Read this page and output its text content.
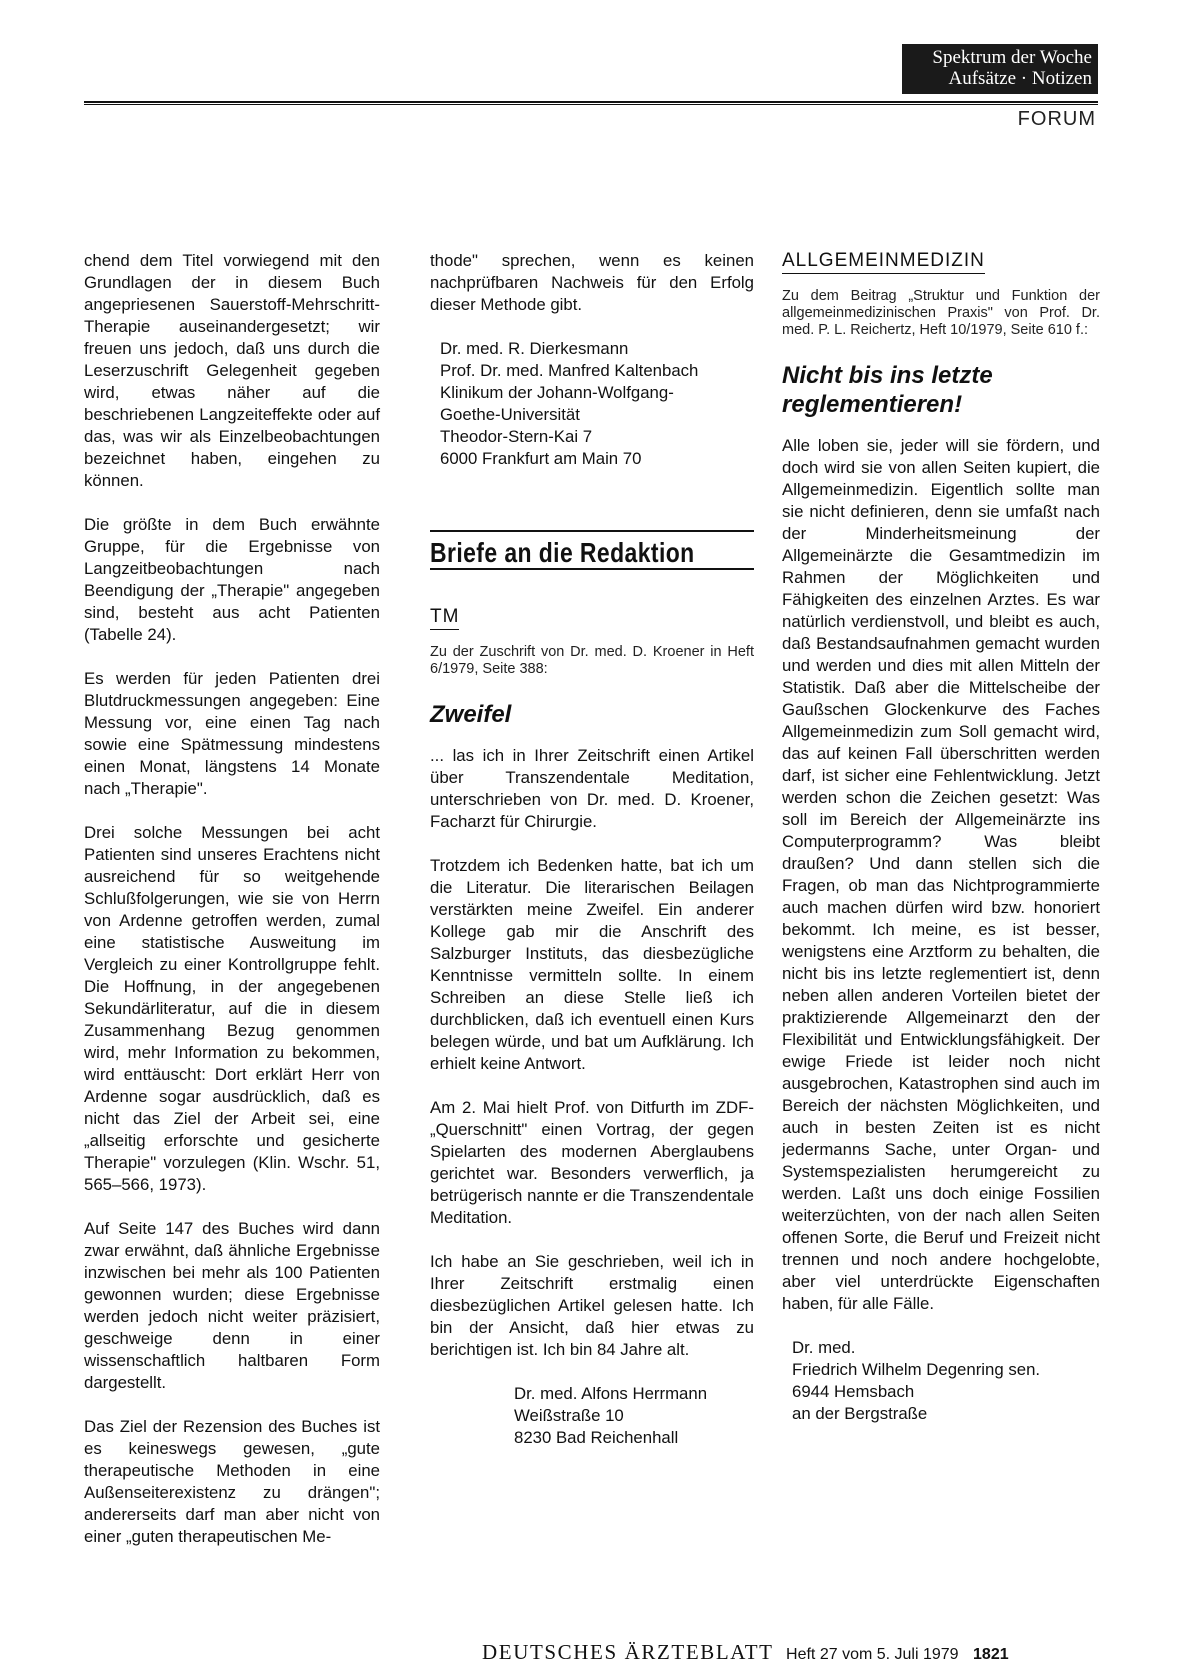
Spektrum der Woche
Aufsätze · Notizen
FORUM

chend dem Titel vorwiegend mit den Grundlagen der in diesem Buch angepriesenen Sauerstoff-Mehrschritt-Therapie auseinandergesetzt; wir freuen uns jedoch, daß uns durch die Leserzuschrift Gelegenheit gegeben wird, etwas näher auf die beschriebenen Langzeiteffekte oder auf das, was wir als Einzelbeobachtungen bezeichnet haben, eingehen zu können.

Die größte in dem Buch erwähnte Gruppe, für die Ergebnisse von Langzeitbeobachtungen nach Beendigung der „Therapie" angegeben sind, besteht aus acht Patienten (Tabelle 24).

Es werden für jeden Patienten drei Blutdruckmessungen angegeben: Eine Messung vor, eine einen Tag nach sowie eine Spätmessung mindestens einen Monat, längstens 14 Monate nach „Therapie".

Drei solche Messungen bei acht Patienten sind unseres Erachtens nicht ausreichend für so weitgehende Schlußfolgerungen, wie sie von Herrn von Ardenne getroffen werden, zumal eine statistische Ausweitung im Vergleich zu einer Kontrollgruppe fehlt. Die Hoffnung, in der angegebenen Sekundärliteratur, auf die in diesem Zusammenhang Bezug genommen wird, mehr Information zu bekommen, wird enttäuscht: Dort erklärt Herr von Ardenne sogar ausdrücklich, daß es nicht das Ziel der Arbeit sei, eine „allseitig erforschte und gesicherte Therapie" vorzulegen (Klin. Wschr. 51, 565–566, 1973).

Auf Seite 147 des Buches wird dann zwar erwähnt, daß ähnliche Ergebnisse inzwischen bei mehr als 100 Patienten gewonnen wurden; diese Ergebnisse werden jedoch nicht weiter präzisiert, geschweige denn in einer wissenschaftlich haltbaren Form dargestellt.

Das Ziel der Rezension des Buches ist es keineswegs gewesen, „gute therapeutische Methoden in eine Außenseiterexistenz zu drängen"; andererseits darf man aber nicht von einer „guten therapeutischen Me-

thode" sprechen, wenn es keinen nachprüfbaren Nachweis für den Erfolg dieser Methode gibt.

Dr. med. R. Dierkesmann
Prof. Dr. med. Manfred Kaltenbach
Klinikum der Johann-Wolfgang-
Goethe-Universität
Theodor-Stern-Kai 7
6000 Frankfurt am Main 70
Briefe an die Redaktion
TM

Zu der Zuschrift von Dr. med. D. Kroener in Heft 6/1979, Seite 388:

Zweifel

... las ich in Ihrer Zeitschrift einen Artikel über Transzendentale Meditation, unterschrieben von Dr. med. D. Kroener, Facharzt für Chirurgie.

Trotzdem ich Bedenken hatte, bat ich um die Literatur. Die literarischen Beilagen verstärkten meine Zweifel. Ein anderer Kollege gab mir die Anschrift des Salzburger Instituts, das diesbezügliche Kenntnisse vermitteln sollte. In einem Schreiben an diese Stelle ließ ich durchblicken, daß ich eventuell einen Kurs belegen würde, und bat um Aufklärung. Ich erhielt keine Antwort.

Am 2. Mai hielt Prof. von Ditfurth im ZDF-„Querschnitt" einen Vortrag, der gegen Spielarten des modernen Aberglaubens gerichtet war. Besonders verwerflich, ja betrügerisch nannte er die Transzendentale Meditation.

Ich habe an Sie geschrieben, weil ich in Ihrer Zeitschrift erstmalig einen diesbezüglichen Artikel gelesen hatte. Ich bin der Ansicht, daß hier etwas zu berichtigen ist. Ich bin 84 Jahre alt.

Dr. med. Alfons Herrmann
Weißstraße 10
8230 Bad Reichenhall
ALLGEMEINMEDIZIN

Zu dem Beitrag „Struktur und Funktion der allgemeinmedizinischen Praxis" von Prof. Dr. med. P. L. Reichertz, Heft 10/1979, Seite 610 f.:

Nicht bis ins letzte reglementieren!

Alle loben sie, jeder will sie fördern, und doch wird sie von allen Seiten kupiert, die Allgemeinmedizin. Eigentlich sollte man sie nicht definieren, denn sie umfaßt nach der Minderheitsmeinung der Allgemeinärzte die Gesamtmedizin im Rahmen der Möglichkeiten und Fähigkeiten des einzelnen Arztes. Es war natürlich verdienstvoll, und bleibt es auch, daß Bestandsaufnahmen gemacht wurden und werden und dies mit allen Mitteln der Statistik. Daß aber die Mittelscheibe der Gaußschen Glockenkurve des Faches Allgemeinmedizin zum Soll gemacht wird, das auf keinen Fall überschritten werden darf, ist sicher eine Fehlentwicklung. Jetzt werden schon die Zeichen gesetzt: Was soll im Bereich der Allgemeinärzte ins Computerprogramm? Was bleibt draußen? Und dann stellen sich die Fragen, ob man das Nichtprogrammierte auch machen dürfen wird bzw. honoriert bekommt. Ich meine, es ist besser, wenigstens eine Arztform zu behalten, die nicht bis ins letzte reglementiert ist, denn neben allen anderen Vorteilen bietet der praktizierende Allgemeinarzt den der Flexibilität und Entwicklungsfähigkeit. Der ewige Friede ist leider noch nicht ausgebrochen, Katastrophen sind auch im Bereich der nächsten Möglichkeiten, und auch in besten Zeiten ist es nicht jedermanns Sache, unter Organ- und Systemspezialisten herumgereicht zu werden. Laßt uns doch einige Fossilien weiterzüchten, von der nach allen Seiten offenen Sorte, die Beruf und Freizeit nicht trennen und noch andere hochgelobte, aber viel unterdrückte Eigenschaften haben, für alle Fälle.

Dr. med.
Friedrich Wilhelm Degenring sen.
6944 Hemsbach
an der Bergstraße
DEUTSCHES ÄRZTEBLATT Heft 27 vom 5. Juli 1979 1821
